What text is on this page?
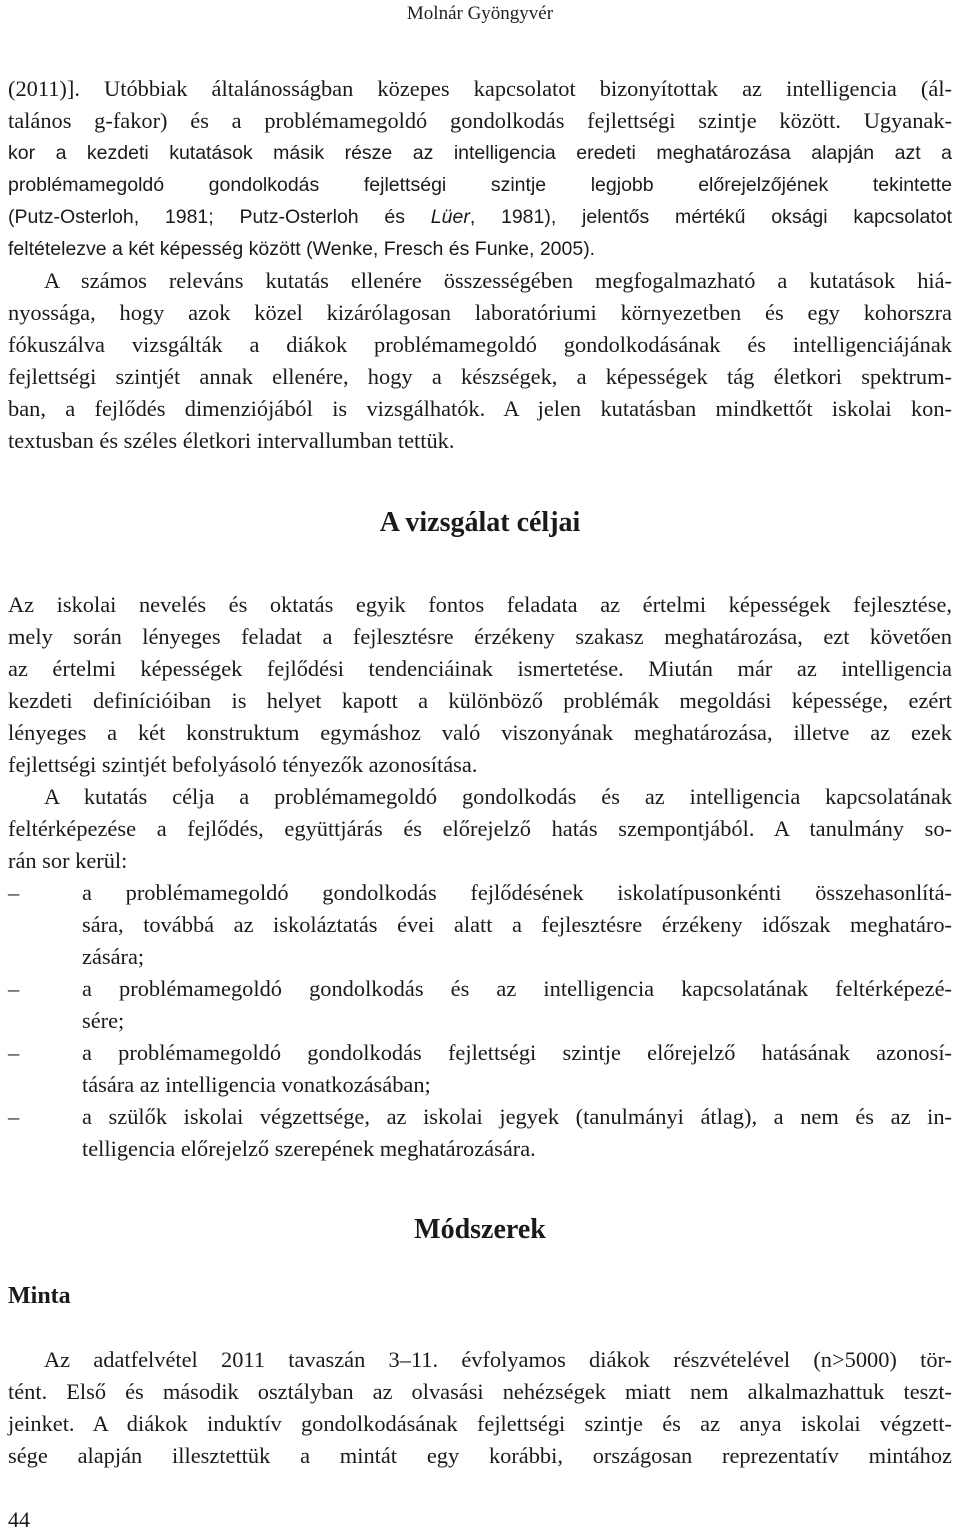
Molnár Gyöngyvér
(2011)]. Utóbbiak általánosságban közepes kapcsolatot bizonyítottak az intelligencia (ál-
talános g-fakor) és a problémamegoldó gondolkodás fejlettségi szintje között. Ugyanak-
kor a kezdeti kutatások másik része az intelligencia eredeti meghatározása alapján azt a
problémamegoldó gondolkodás fejlettségi szintje legjobb előrejelzőjének tekintette
(Putz-Osterloh, 1981; Putz-Osterloh és Lüer, 1981), jelentős mértékű oksági kapcsolatot
feltételezve a két képesség között (Wenke, Fresch és Funke, 2005).
A számos releváns kutatás ellenére összességében megfogalmazható a kutatások hiá-
nyossága, hogy azok közel kizárólagosan laboratóriumi környezetben és egy kohorszra
fókuszálva vizsgálták a diákok problémamegoldó gondolkodásának és intelligenciájának
fejlettségi szintjét annak ellenére, hogy a készségek, a képességek tág életkori spektrum-
ban, a fejlődés dimenziójából is vizsgálhatók. A jelen kutatásban mindkettőt iskolai kon-
textusban és széles életkori intervallumban tettük.
A vizsgálat céljai
Az iskolai nevelés és oktatás egyik fontos feladata az értelmi képességek fejlesztése,
mely során lényeges feladat a fejlesztésre érzékeny szakasz meghatározása, ezt követően
az értelmi képességek fejlődési tendenciáinak ismertetése. Miután már az intelligencia
kezdeti definícióiban is helyet kapott a különböző problémák megoldási képessége, ezért
lényeges a két konstruktum egymáshoz való viszonyának meghatározása, illetve az ezek
fejlettségi szintjét befolyásoló tényezők azonosítása.
A kutatás célja a problémamegoldó gondolkodás és az intelligencia kapcsolatának
feltérképezése a fejlődés, együttjárás és előrejelző hatás szempontjából. A tanulmány so-
rán sor kerül:
–	a problémamegoldó gondolkodás fejlődésének iskolatípusonkénti összehasonlítá-
sára, továbbá az iskoláztatás évei alatt a fejlesztésre érzékeny időszak meghatáro-
zására;
–	a problémamegoldó gondolkodás és az intelligencia kapcsolatának feltérképezé-
sére;
–	a problémamegoldó gondolkodás fejlettségi szintje előrejelző hatásának azonosí-
tására az intelligencia vonatkozásában;
–	a szülők iskolai végzettsége, az iskolai jegyek (tanulmányi átlag), a nem és az in-
telligencia előrejelző szerepének meghatározására.
Módszerek
Minta
Az adatfelvétel 2011 tavaszán 3–11. évfolyamos diákok részvételével (n>5000) tör-
tént. Első és második osztályban az olvasási nehézségek miatt nem alkalmazhattuk teszt-
jeinket. A diákok induktív gondolkodásának fejlettségi szintje és az anya iskolai végzett-
sége alapján illesztettük a mintát egy korábbi, országosan reprezentatív mintához
44
